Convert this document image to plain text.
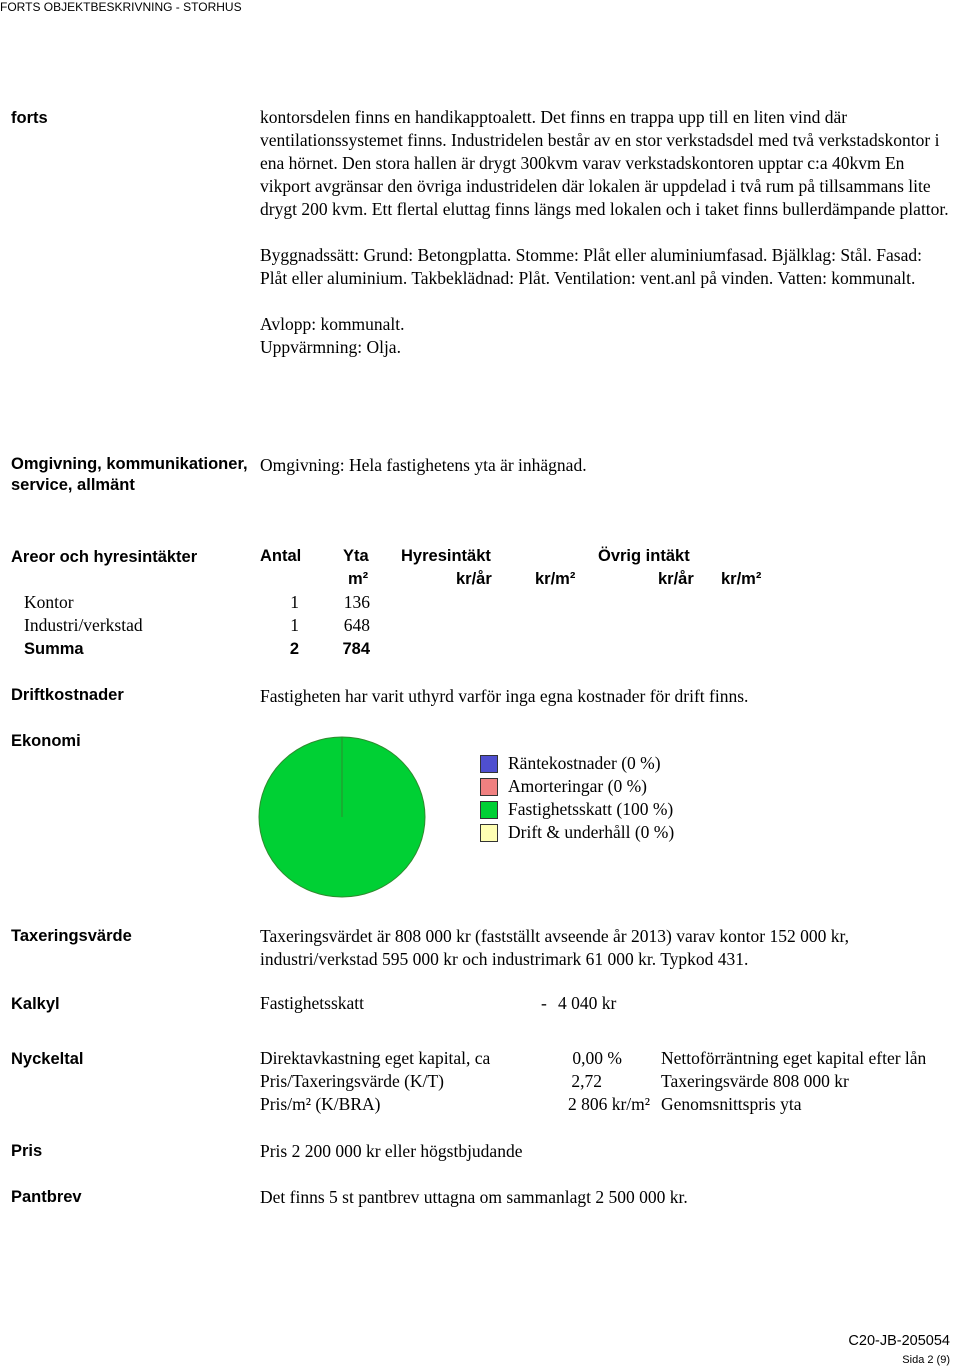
FORTS OBJEKTBESKRIVNING - STORHUS
forts	kontorsdelen finns en handikapptoalett. Det finns en trappa upp till en liten vind där ventilationssystemet finns. Industridelen består av en stor verkstadsdel med två verkstadskontor i ena hörnet. Den stora hallen är drygt 300kvm varav verkstadskontoren upptar c:a 40kvm En vikport avgränsar den övriga industridelen där lokalen är uppdelad i två rum på tillsammans lite drygt 200 kvm. Ett flertal eluttag finns längs med lokalen och i taket finns bullerdämpande plattor.

Byggnadssätt: Grund: Betongplatta. Stomme: Plåt eller aluminiumfasad. Bjälklag: Stål. Fasad: Plåt eller aluminium. Takbeklädnad: Plåt. Ventilation: vent.anl på vinden. Vatten: kommunalt.

Avlopp: kommunalt. Uppvärmning: Olja.

Omgivning, kommunikationer, service, allmänt
Omgivning: Hela fastighetens yta är inhägnad.
Areor och hyresintäkter	Antal	Yta Hyresintäkt	Övrig intäkt
m²	kr/år	kr/m²	kr/år kr/m²
Kontor	1	136
Industri/verkstad	1	648
Summa	2	784
Driftkostnader	Fastigheten har varit uthyrd varför inga egna kostnader för drift finns.
Ekonomi
Räntekostnader (0 %)
Amorteringar (0 %)
Fastighetsskatt (100 %)
Drift & underhåll (0 %)
Taxeringsvärde	Taxeringsvärdet är 808 000 kr (fastställt avseende år 2013) varav kontor 152 000 kr, industri/verkstad 595 000 kr och industrimark 61 000 kr. Typkod 431.
Kalkyl	Fastighetsskatt	- 4 040 kr
Nyckeltal	Direktavkastning eget kapital, ca	0,00 % Nettoförräntning eget kapital efter lån
Pris/Taxeringsvärde (K/T)	2,72	Taxeringsvärde 808 000 kr
Pris/m² (K/BRA)	2 806 kr/m² Genomsnittspris yta
Pris	Pris 2 200 000 kr eller högstbjudande
Pantbrev	Det finns 5 st pantbrev uttagna om sammanlagt 2 500 000 kr.
C20-JB-205054
Sida 2 (9)
